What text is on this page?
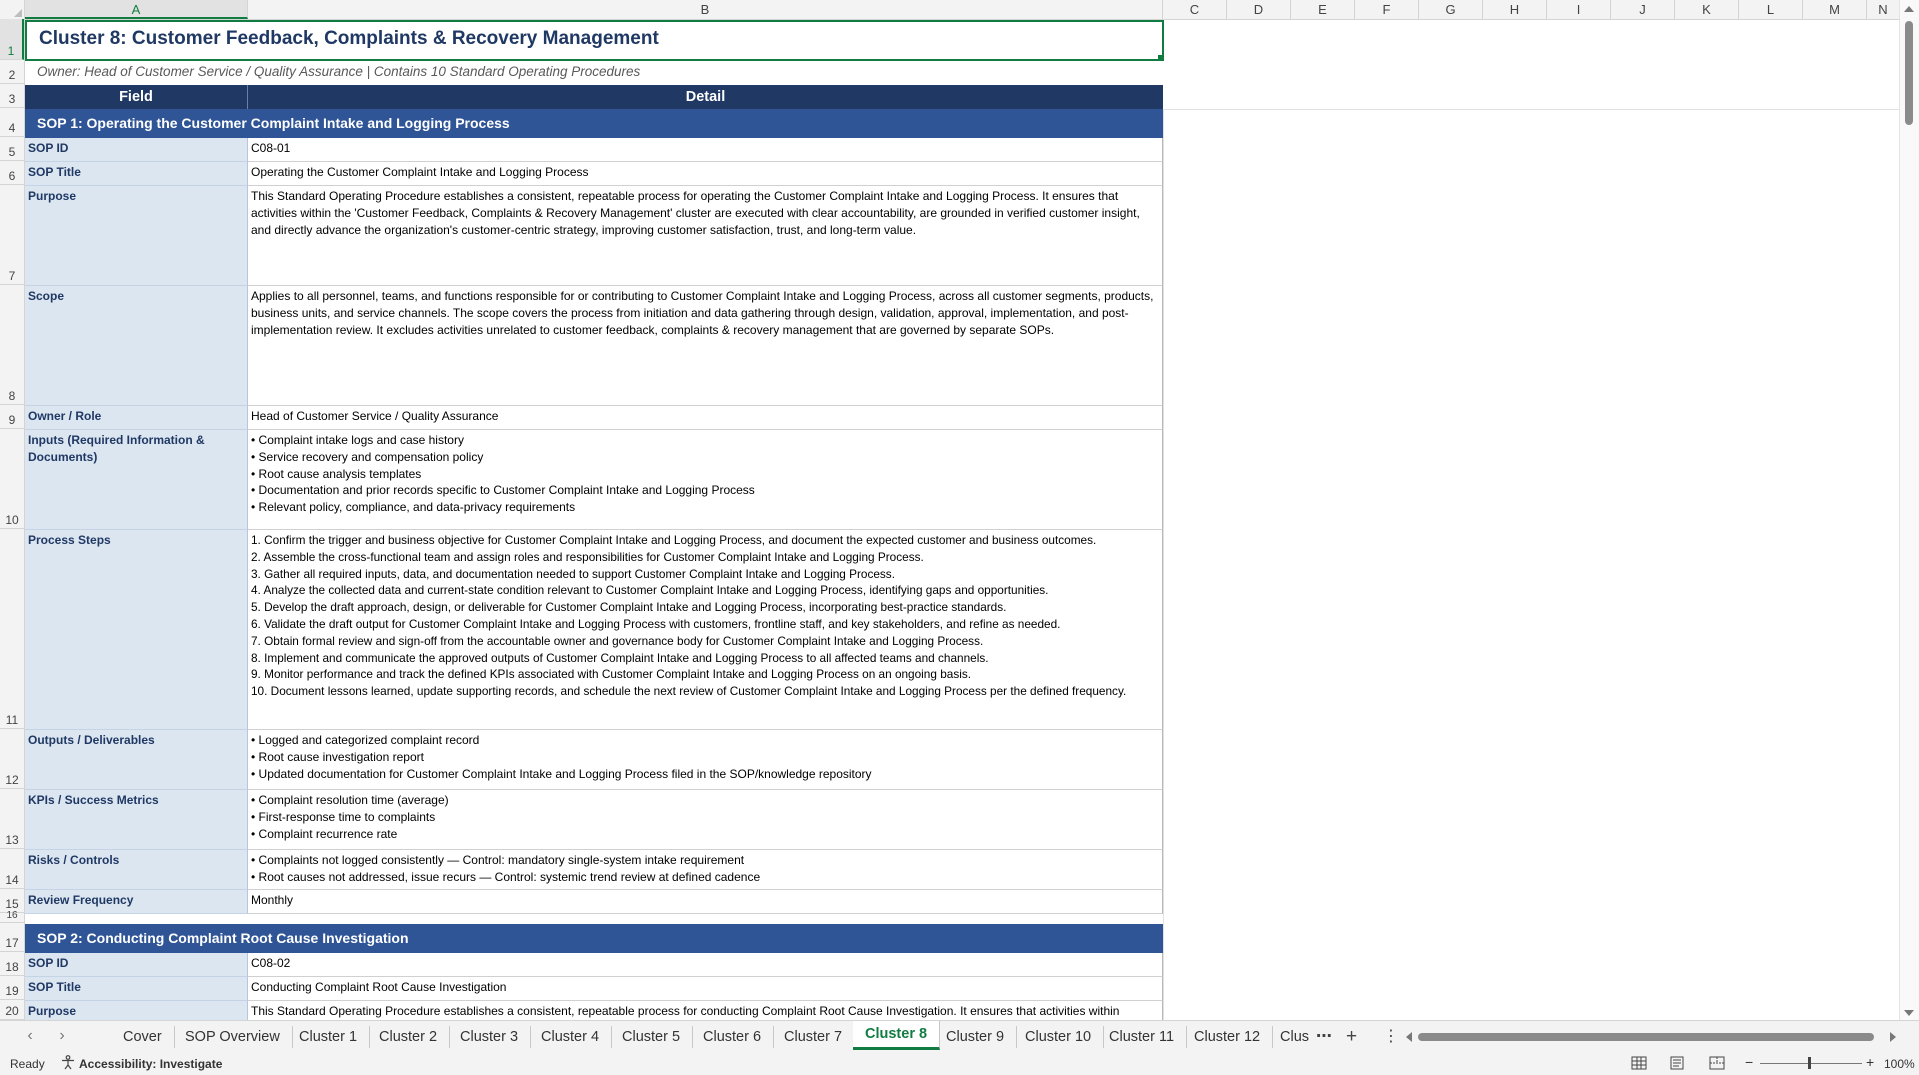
A	B	C	D	E	F	G	H	I	J	K	L	M	N
1
2
3
4
5
6
7
8
9
10
11
12
13
14
15
16
17
18
19
20
Cluster 8: Customer Feedback, Complaints & Recovery Management
Owner: Head of Customer Service / Quality Assurance | Contains 10 Standard Operating Procedures
Field	Detail
SOP 1: Operating the Customer Complaint Intake and Logging Process
SOP ID	C08-01
SOP Title	Operating the Customer Complaint Intake and Logging Process
Purpose	This Standard Operating Procedure establishes a consistent, repeatable process for operating the Customer Complaint Intake and Logging Process. It ensures that activities within the 'Customer Feedback, Complaints & Recovery Management' cluster are executed with clear accountability, are grounded in verified customer insight, and directly advance the organization's customer-centric strategy, improving customer satisfaction, trust, and long-term value.
Scope	Applies to all personnel, teams, and functions responsible for or contributing to Customer Complaint Intake and Logging Process, across all customer segments, products, business units, and service channels. The scope covers the process from initiation and data gathering through design, validation, approval, implementation, and post-implementation review. It excludes activities unrelated to customer feedback, complaints & recovery management that are governed by separate SOPs.
Owner / Role	Head of Customer Service / Quality Assurance
Inputs (Required Information & Documents)
• Complaint intake logs and case history
• Service recovery and compensation policy
• Root cause analysis templates
• Documentation and prior records specific to Customer Complaint Intake and Logging Process
• Relevant policy, compliance, and data-privacy requirements
Process Steps	1. Confirm the trigger and business objective for Customer Complaint Intake and Logging Process, and document the expected customer and business outcomes.
2. Assemble the cross-functional team and assign roles and responsibilities for Customer Complaint Intake and Logging Process.
3. Gather all required inputs, data, and documentation needed to support Customer Complaint Intake and Logging Process.
4. Analyze the collected data and current-state condition relevant to Customer Complaint Intake and Logging Process, identifying gaps and opportunities.
5. Develop the draft approach, design, or deliverable for Customer Complaint Intake and Logging Process, incorporating best-practice standards.
6. Validate the draft output for Customer Complaint Intake and Logging Process with customers, frontline staff, and key stakeholders, and refine as needed.
7. Obtain formal review and sign-off from the accountable owner and governance body for Customer Complaint Intake and Logging Process.
8. Implement and communicate the approved outputs of Customer Complaint Intake and Logging Process to all affected teams and channels.
9. Monitor performance and track the defined KPIs associated with Customer Complaint Intake and Logging Process on an ongoing basis.
10. Document lessons learned, update supporting records, and schedule the next review of Customer Complaint Intake and Logging Process per the defined frequency.
Outputs / Deliverables	• Logged and categorized complaint record
• Root cause investigation report
• Updated documentation for Customer Complaint Intake and Logging Process filed in the SOP/knowledge repository
KPIs / Success Metrics	• Complaint resolution time (average)
• First-response time to complaints
• Complaint recurrence rate
Risks / Controls	• Complaints not logged consistently — Control: mandatory single-system intake requirement
• Root causes not addressed, issue recurs — Control: systemic trend review at defined cadence
Review Frequency	Monthly
SOP 2: Conducting Complaint Root Cause Investigation
SOP ID	C08-02
SOP Title	Conducting Complaint Root Cause Investigation
Purpose	This Standard Operating Procedure establishes a consistent, repeatable process for conducting Complaint Root Cause Investigation. It ensures that activities within
‹	›	Cover	SOP Overview	Cluster 1	Cluster 2	Cluster 3	Cluster 4	Cluster 5	Cluster 6	Cluster 7	Cluster 8	Cluster 9	Cluster 10	Cluster 11	Cluster 12	Clus ⋯ + ⋮
Ready	Accessibility: Investigate	−	+ 100%
